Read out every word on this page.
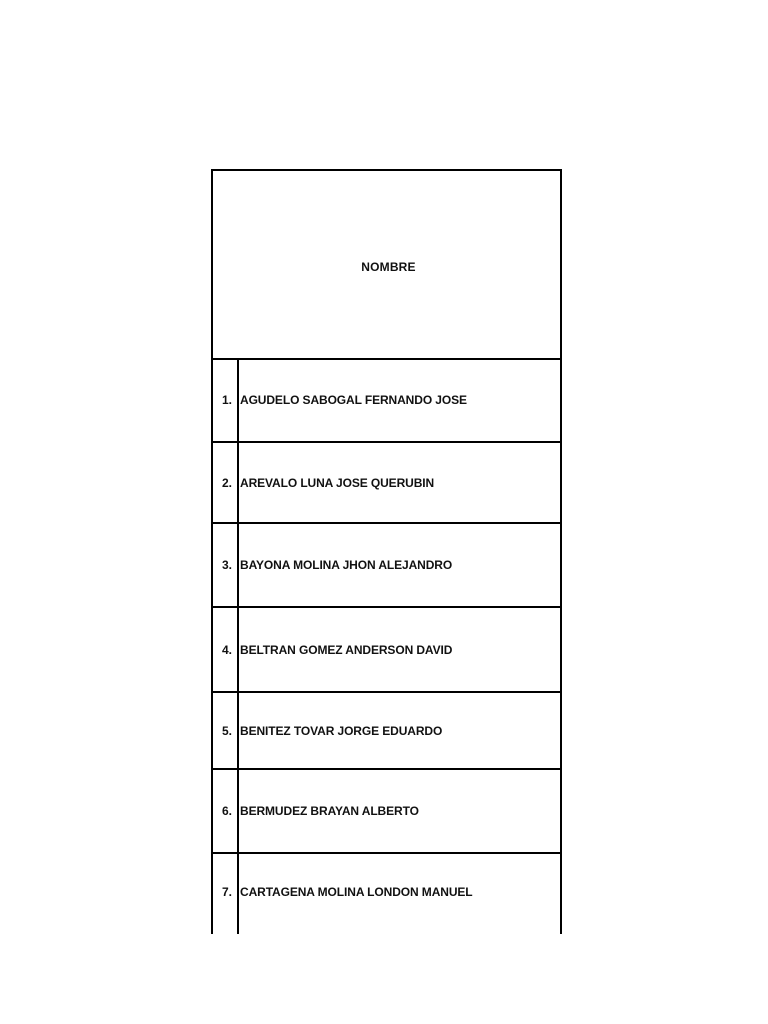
NOMBRE
1. AGUDELO SABOGAL FERNANDO JOSE
2. AREVALO LUNA JOSE QUERUBIN
3. BAYONA MOLINA JHON ALEJANDRO
4. BELTRAN GOMEZ ANDERSON DAVID
5. BENITEZ TOVAR JORGE EDUARDO
6. BERMUDEZ BRAYAN ALBERTO
7. CARTAGENA MOLINA LONDON MANUEL
